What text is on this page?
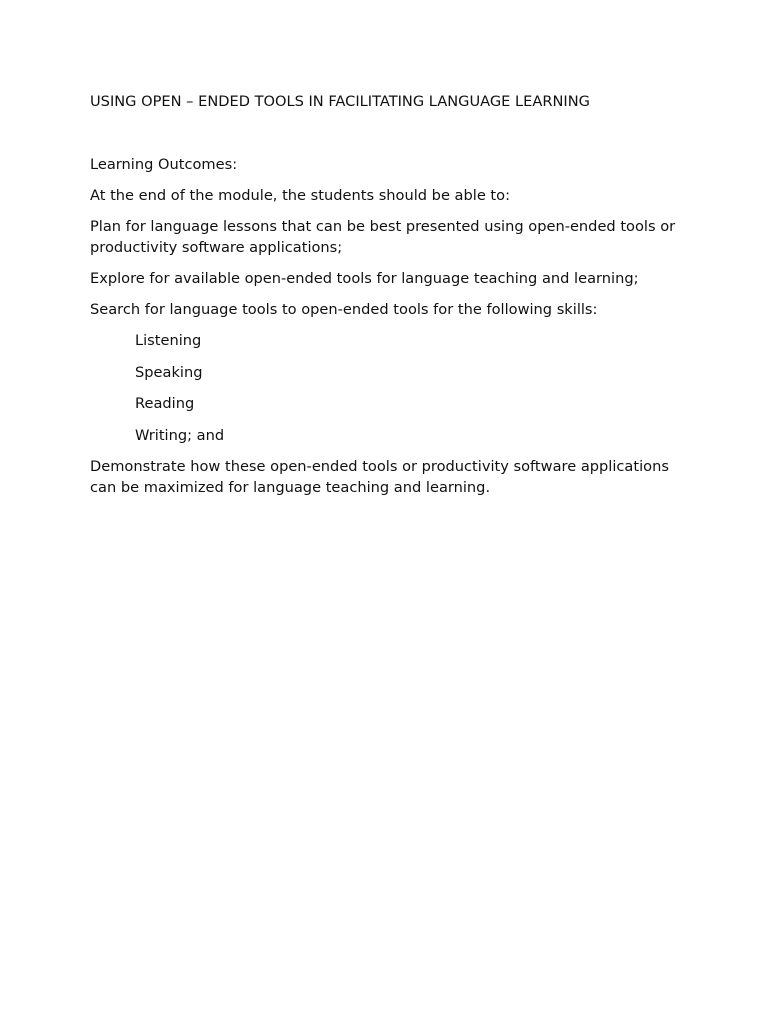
USING OPEN – ENDED TOOLS IN FACILITATING LANGUAGE LEARNING

Learning Outcomes:

At the end of the module, the students should be able to:

Plan for language lessons that can be best presented using open-ended tools or productivity software applications;

Explore for available open-ended tools for language teaching and learning;

Search for language tools to open-ended tools for the following skills:

Listening

Speaking

Reading

Writing; and

Demonstrate how these open-ended tools or productivity software applications can be maximized for language teaching and learning.
